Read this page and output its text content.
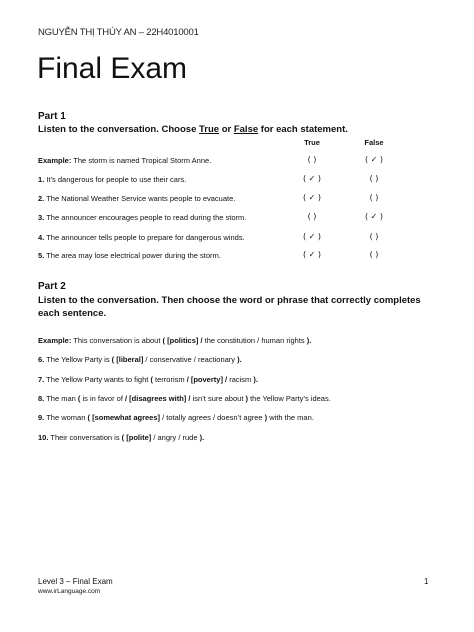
NGUYỄN THỊ THÚY AN – 22H4010001
Final Exam
Part 1

Listen to the conversation. Choose True or False for each statement.

True	False
Example: The storm is named Tropical Storm Anne.	( )	( ✓ )
1. It’s dangerous for people to use their cars.	( ✓ )	( )
2. The National Weather Service wants people to evacuate.	( ✓ )	( )
3. The announcer encourages people to read during the storm.	( )	( ✓ )
4. The announcer tells people to prepare for dangerous winds.	( ✓ )	( )
5. The area may lose electrical power during the storm.	( ✓ )	( )
Part 2

Listen to the conversation. Then choose the word or phrase that correctly completes each sentence.

Example: This conversation is about ( [politics] / the constitution / human rights ).
6. The Yellow Party is ( [liberal] / conservative / reactionary ).
7. The Yellow Party wants to fight ( terrorism / [poverty] / racism ).
8. The man ( is in favor of / [disagrees with] / isn’t sure about ) the Yellow Party’s ideas.
9. The woman ( [somewhat agrees] / totally agrees / doesn’t agree ) with the man.
10. Their conversation is ( [polite] / angry / rude ).
Level 3 – Final Exam
www.irLanguage.com
1
